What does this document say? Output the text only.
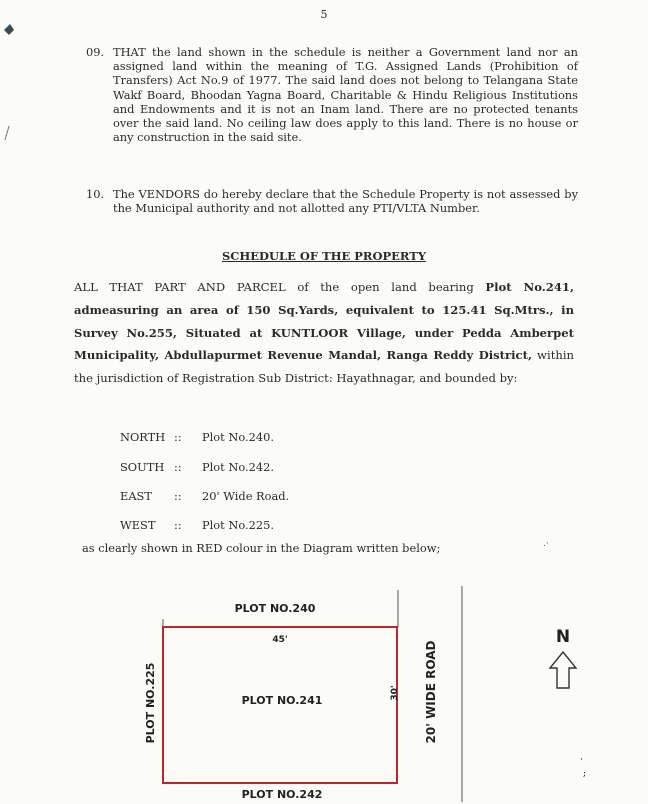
5
09. THAT the land shown in the schedule is neither a Government land nor an assigned land within the meaning of T.G. Assigned Lands (Prohibition of Transfers) Act No.9 of 1977. The said land does not belong to Telangana State Wakf Board, Bhoodan Yagna Board, Charitable & Hindu Religious Institutions and Endowments and it is not an Inam land. There are no protected tenants over the said land. No ceiling law does apply to this land. There is no house or any construction in the said site.
10. The VENDORS do hereby declare that the Schedule Property is not assessed by the Municipal authority and not allotted any PTI/VLTA Number.
SCHEDULE OF THE PROPERTY
ALL THAT PART AND PARCEL of the open land bearing Plot No.241, admeasuring an area of 150 Sq.Yards, equivalent to 125.41 Sq.Mtrs., in Survey No.255, Situated at KUNTLOOR Village, under Pedda Amberpet Municipality, Abdullapurmet Revenue Mandal, Ranga Reddy District, within the jurisdiction of Registration Sub District: Hayathnagar, and bounded by:
NORTH :: Plot No.240.
SOUTH :: Plot No.242.
EAST	:: 20' Wide Road.
WEST	:: Plot No.225.
as clearly shown in RED colour in the Diagram written below;	.·
PLOT NO.240
45'
PLOT NO.241
PLOT NO.242
PLOT NO.225	30' 20' WIDE ROAD
N
·
;
